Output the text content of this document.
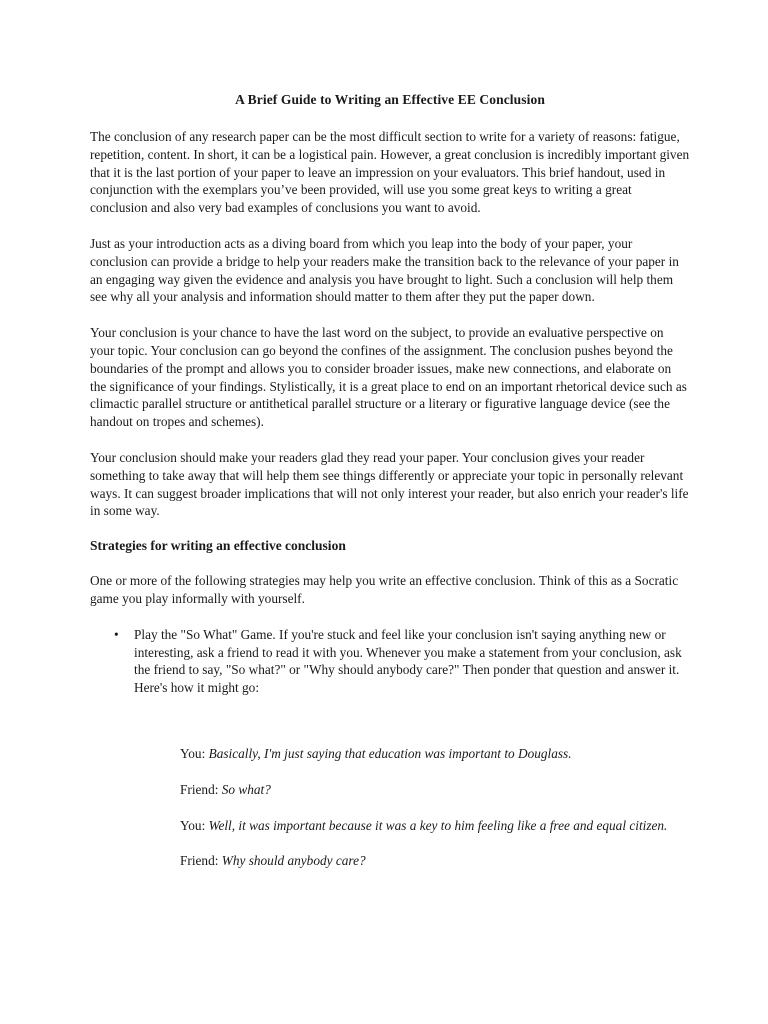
A Brief Guide to Writing an Effective EE Conclusion

The conclusion of any research paper can be the most difficult section to write for a variety of reasons: fatigue, repetition, content. In short, it can be a logistical pain. However, a great conclusion is incredibly important given that it is the last portion of your paper to leave an impression on your evaluators. This brief handout, used in conjunction with the exemplars you’ve been provided, will use you some great keys to writing a great conclusion and also very bad examples of conclusions you want to avoid.

Just as your introduction acts as a diving board from which you leap into the body of your paper, your conclusion can provide a bridge to help your readers make the transition back to the relevance of your paper in an engaging way given the evidence and analysis you have brought to light. Such a conclusion will help them see why all your analysis and information should matter to them after they put the paper down.

Your conclusion is your chance to have the last word on the subject, to provide an evaluative perspective on your topic. Your conclusion can go beyond the confines of the assignment. The conclusion pushes beyond the boundaries of the prompt and allows you to consider broader issues, make new connections, and elaborate on the significance of your findings. Stylistically, it is a great place to end on an important rhetorical device such as climactic parallel structure or antithetical parallel structure or a literary or figurative language device (see the handout on tropes and schemes).

Your conclusion should make your readers glad they read your paper. Your conclusion gives your reader something to take away that will help them see things differently or appreciate your topic in personally relevant ways. It can suggest broader implications that will not only interest your reader, but also enrich your reader's life in some way.

Strategies for writing an effective conclusion

One or more of the following strategies may help you write an effective conclusion. Think of this as a Socratic game you play informally with yourself.

• Play the "So What" Game. If you're stuck and feel like your conclusion isn't saying anything new or interesting, ask a friend to read it with you. Whenever you make a statement from your conclusion, ask the friend to say, "So what?" or "Why should anybody care?" Then ponder that question and answer it. Here's how it might go:

You: Basically, I'm just saying that education was important to Douglass.

Friend: So what?

You: Well, it was important because it was a key to him feeling like a free and equal citizen.

Friend: Why should anybody care?
